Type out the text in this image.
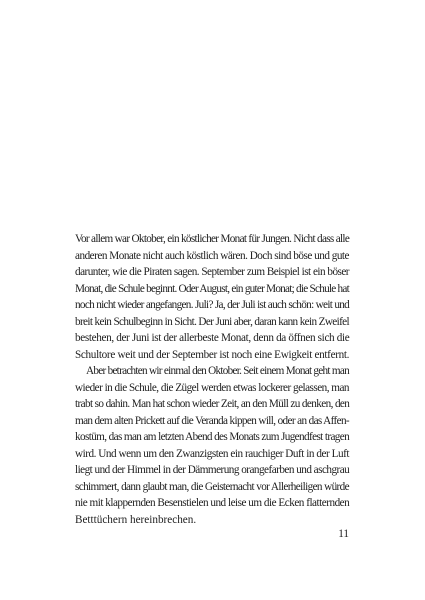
Vor allem war Oktober, ein köstlicher Monat für Jungen. Nicht dass alle
anderen Monate nicht auch köstlich wären. Doch sind böse und gute
darunter, wie die Piraten sagen. September zum Beispiel ist ein böser
Monat, die Schule beginnt. Oder August, ein guter Monat; die Schule hat
noch nicht wieder angefangen. Juli? Ja, der Juli ist auch schön: weit und
breit kein Schulbeginn in Sicht. Der Juni aber, daran kann kein Zweifel
bestehen, der Juni ist der allerbeste Monat, denn da öffnen sich die
Schultore weit und der September ist noch eine Ewigkeit entfernt.
Aber betrachten wir einmal den Oktober. Seit einem Monat geht man
wieder in die Schule, die Zügel werden etwas lockerer gelassen, man
trabt so dahin. Man hat schon wieder Zeit, an den Müll zu denken, den
man dem alten Prickett auf die Veranda kippen will, oder an das Affen-
kostüm, das man am letzten Abend des Monats zum Jugendfest tragen
wird. Und wenn um den Zwanzigsten ein rauchiger Duft in der Luft
liegt und der Himmel in der Dämmerung orangefarben und aschgrau
schimmert, dann glaubt man, die Geisternacht vor Allerheiligen würde
nie mit klappernden Besenstielen und leise um die Ecken flatternden
Betttüchern hereinbrechen.
11
